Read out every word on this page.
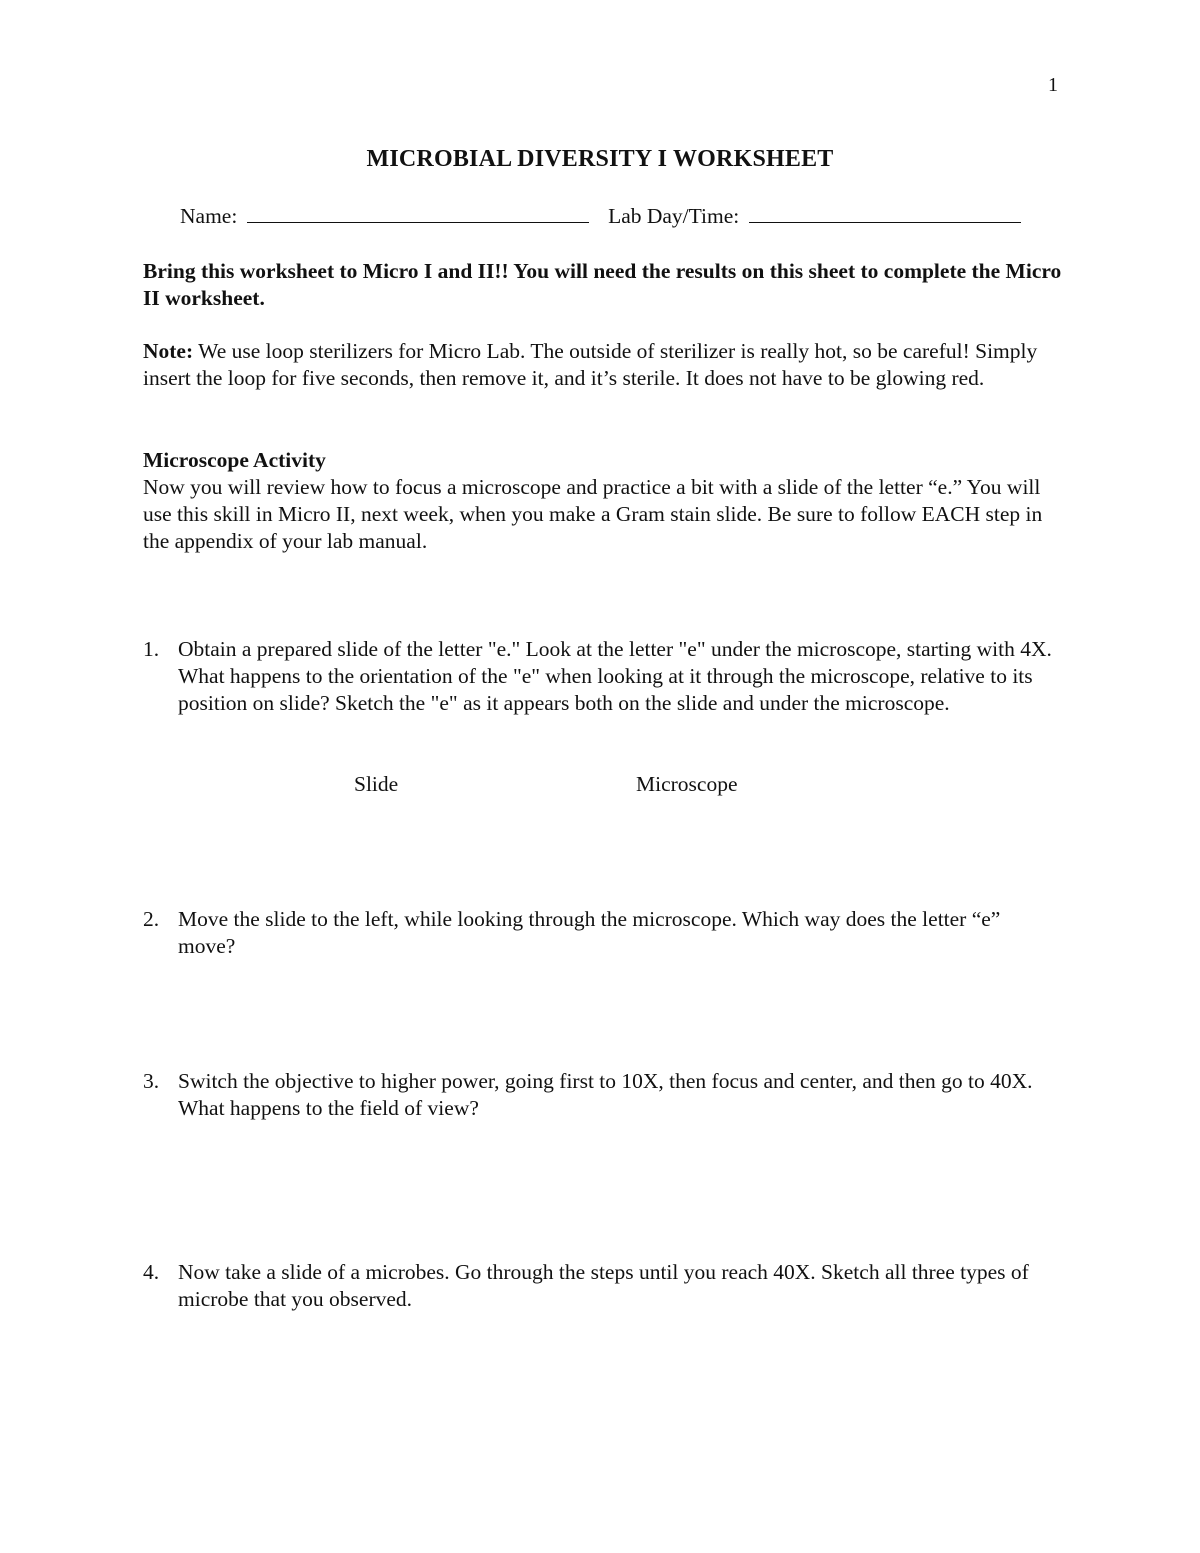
1
MICROBIAL DIVERSITY I WORKSHEET
Name:	Lab Day/Time:
Bring this worksheet to Micro I and II!! You will need the results on this sheet to complete the Micro II worksheet.
Note: We use loop sterilizers for Micro Lab. The outside of sterilizer is really hot, so be careful! Simply insert the loop for five seconds, then remove it, and it’s sterile. It does not have to be glowing red.
Microscope Activity
Now you will review how to focus a microscope and practice a bit with a slide of the letter “e.” You will use this skill in Micro II, next week, when you make a Gram stain slide. Be sure to follow EACH step in the appendix of your lab manual.
1. Obtain a prepared slide of the letter "e." Look at the letter "e" under the microscope, starting with 4X. What happens to the orientation of the "e" when looking at it through the microscope, relative to its position on slide? Sketch the "e" as it appears both on the slide and under the microscope.
Slide	Microscope
2. Move the slide to the left, while looking through the microscope. Which way does the letter “e” move?
3. Switch the objective to higher power, going first to 10X, then focus and center, and then go to 40X. What happens to the field of view?
4. Now take a slide of a microbes. Go through the steps until you reach 40X. Sketch all three types of microbe that you observed.
